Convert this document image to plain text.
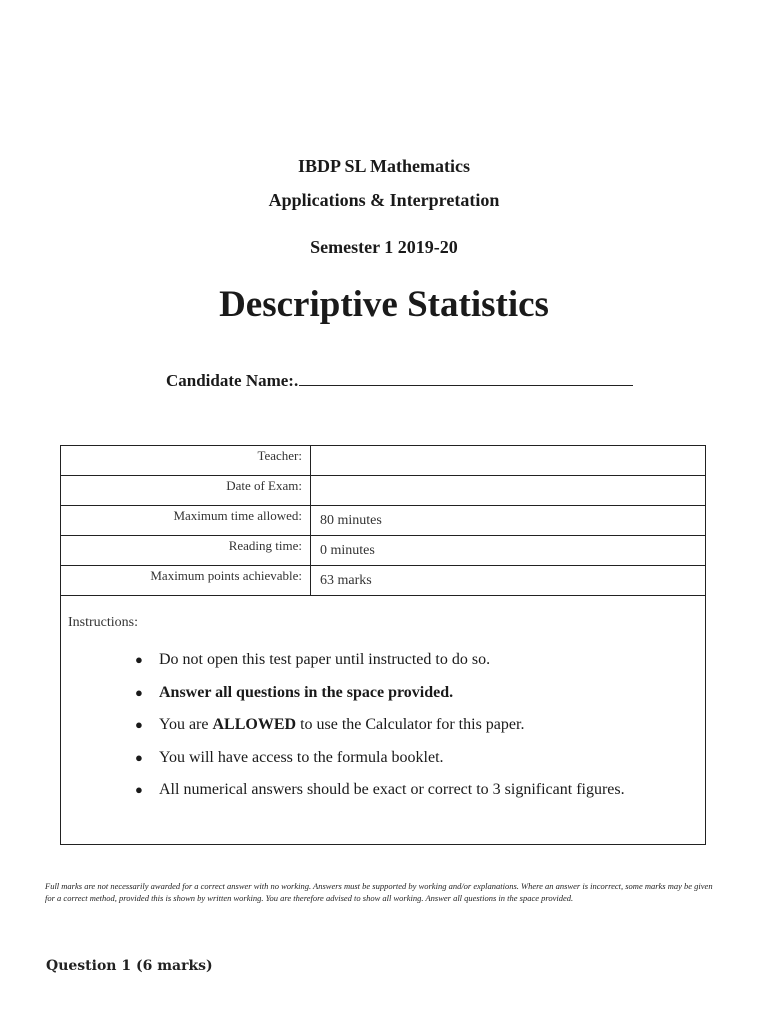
IBDP SL Mathematics
Applications & Interpretation
Semester 1 2019-20
Descriptive Statistics
Candidate Name:.
Teacher:
Date of Exam:
Maximum time allowed:	80 minutes
Reading time:	0 minutes
Maximum points achievable:	63 marks
Instructions:
● Do not open this test paper until instructed to do so.
● Answer all questions in the space provided.
● You are ALLOWED to use the Calculator for this paper.
● You will have access to the formula booklet.
● All numerical answers should be exact or correct to 3 significant figures.
Full marks are not necessarily awarded for a correct answer with no working. Answers must be supported by working and/or explanations. Where an answer is incorrect, some marks may be given for a correct method, provided this is shown by written working. You are therefore advised to show all working. Answer all questions in the space provided.
Question 1 (6 marks)
